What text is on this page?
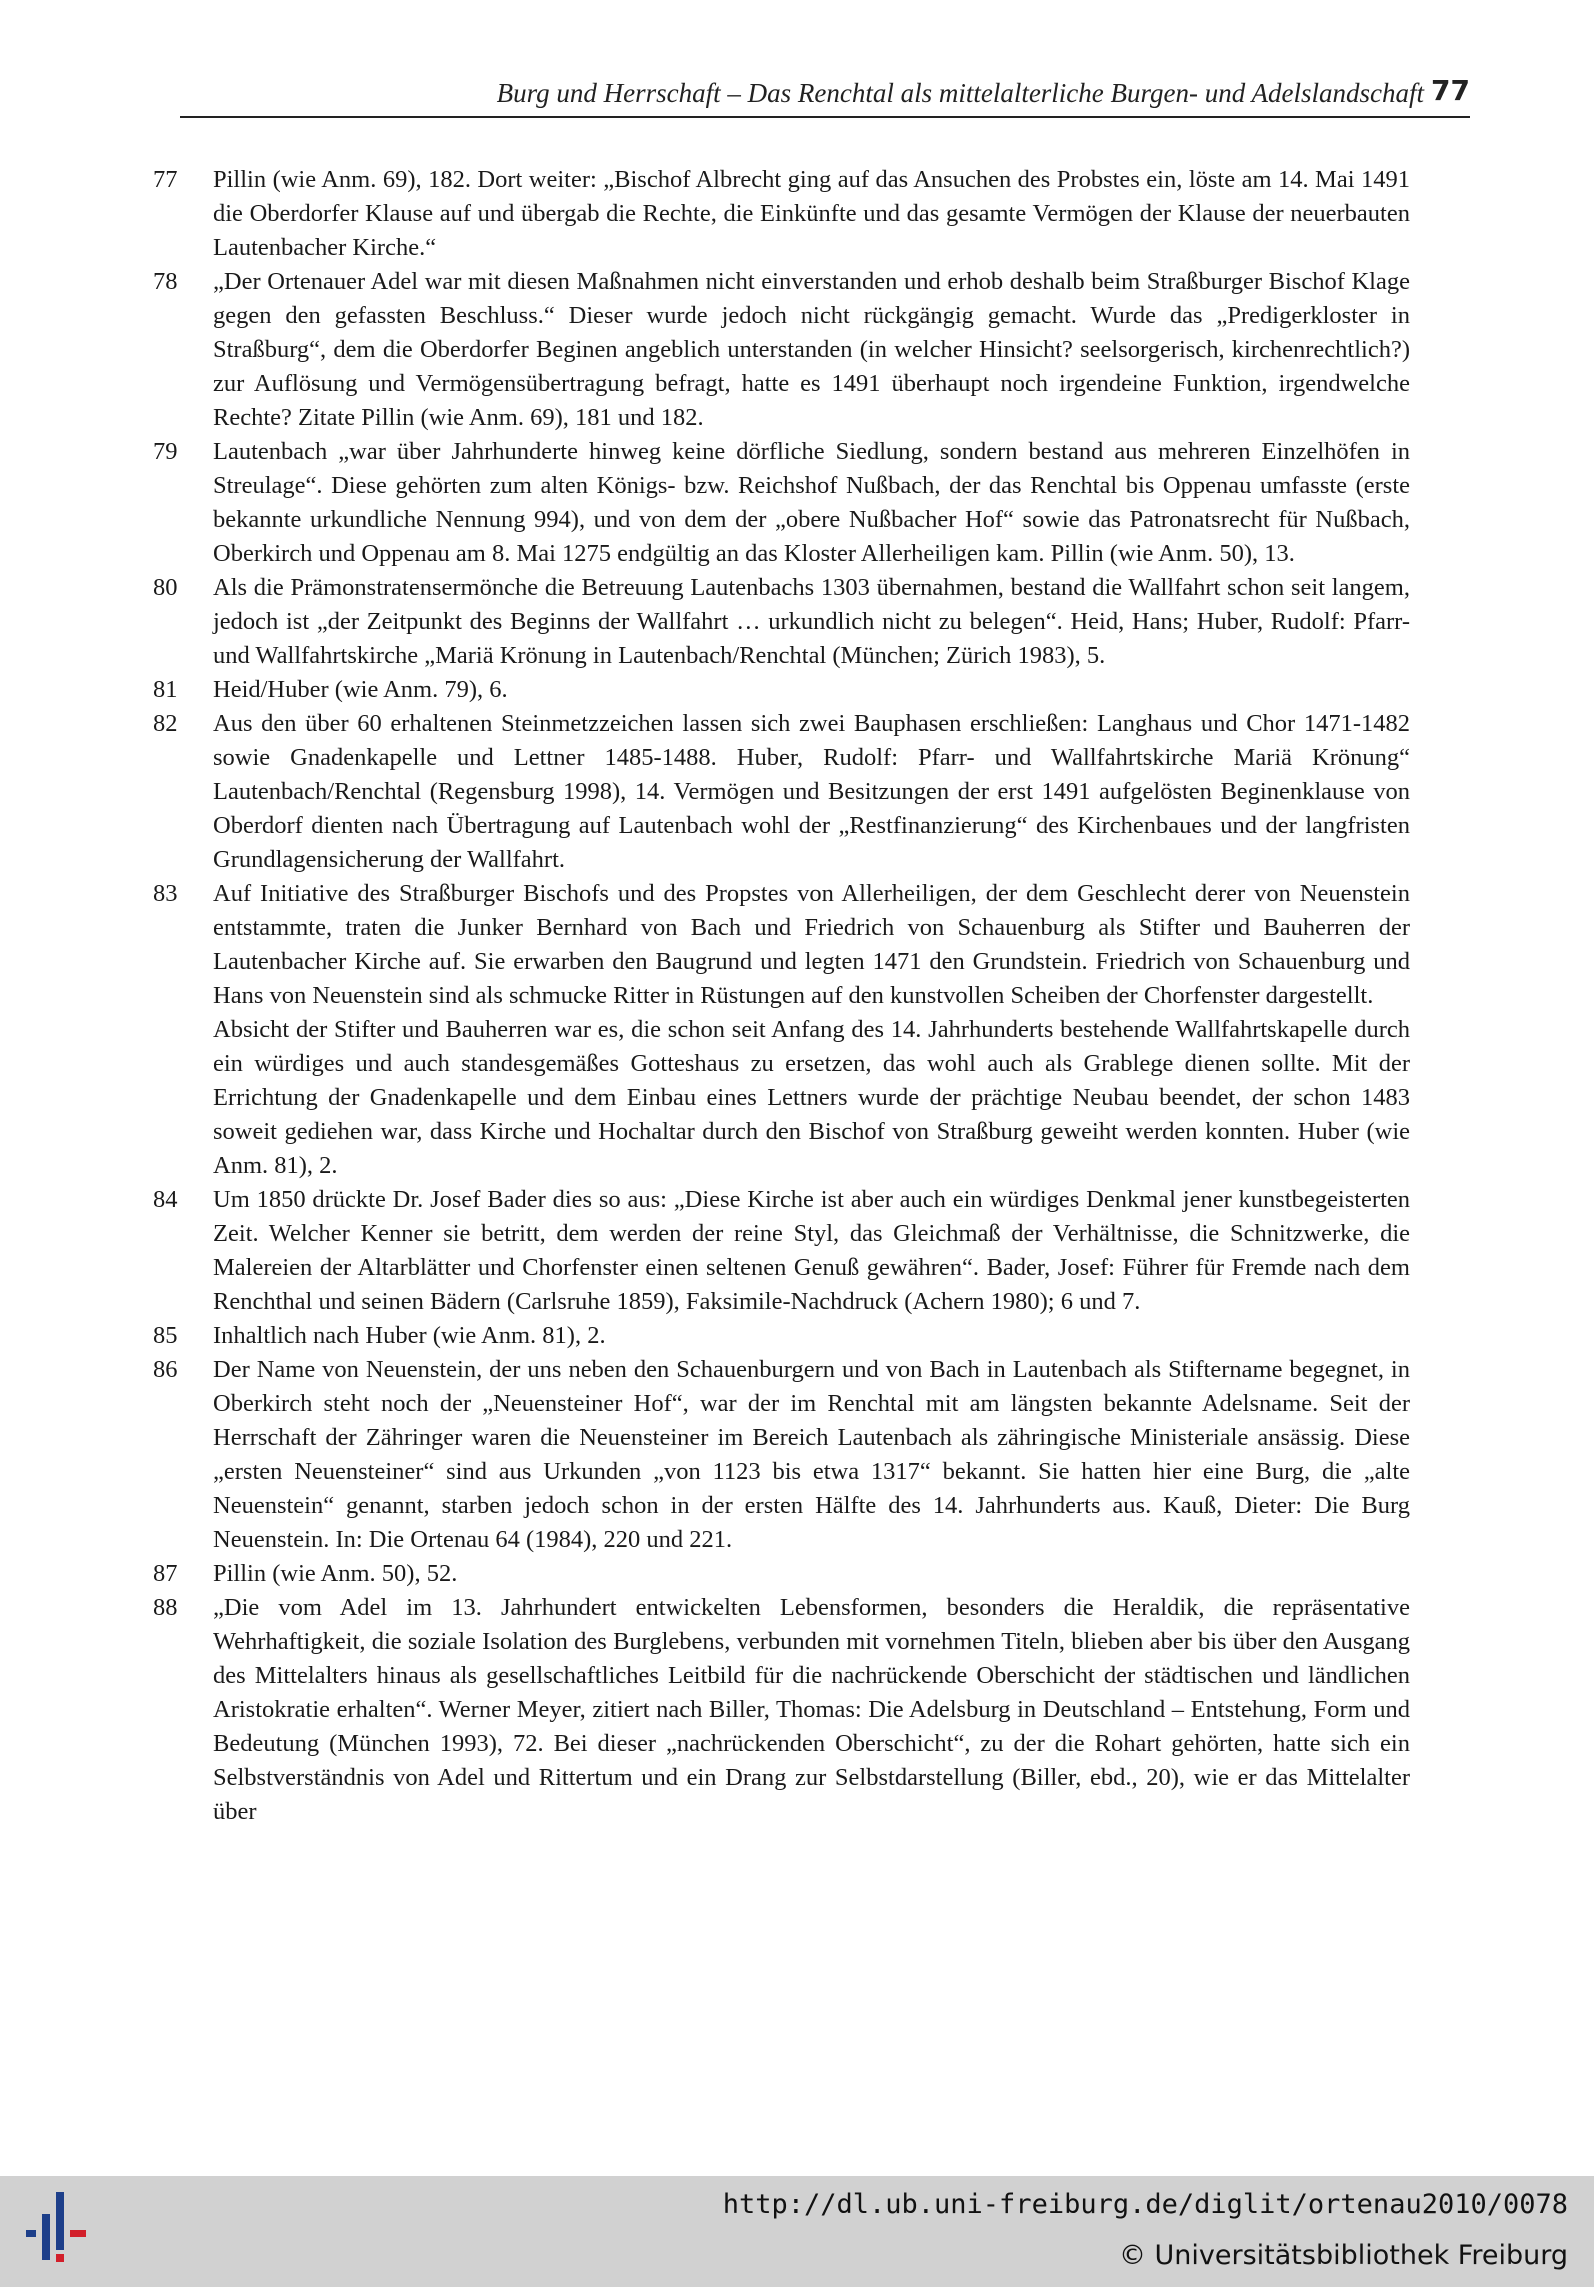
Burg und Herrschaft – Das Renchtal als mittelalterliche Burgen- und Adelslandschaft 77
77	Pillin (wie Anm. 69), 182. Dort weiter: „Bischof Albrecht ging auf das Ansuchen des Probstes ein, löste am 14. Mai 1491 die Oberdorfer Klause auf und übergab die Rechte, die Einkünfte und das gesamte Vermögen der Klause der neuerbauten Lautenbacher Kirche.“

78	„Der Ortenauer Adel war mit diesen Maßnahmen nicht einverstanden und erhob deshalb beim Straßburger Bischof Klage gegen den gefassten Beschluss.“ Dieser wurde jedoch nicht rückgängig gemacht. Wurde das „Predigerkloster in Straßburg“, dem die Oberdorfer Beginen angeblich unterstanden (in welcher Hinsicht? seelsorgerisch, kirchenrechtlich?) zur Auflösung und Vermögensübertragung befragt, hatte es 1491 überhaupt noch irgendeine Funktion, irgendwelche Rechte? Zitate Pillin (wie Anm. 69), 181 und 182.

79	Lautenbach „war über Jahrhunderte hinweg keine dörfliche Siedlung, sondern bestand aus mehreren Einzelhöfen in Streulage“. Diese gehörten zum alten Königs- bzw. Reichshof Nußbach, der das Renchtal bis Oppenau umfasste (erste bekannte urkundliche Nennung 994), und von dem der „obere Nußbacher Hof“ sowie das Patronatsrecht für Nußbach, Oberkirch und Oppenau am 8. Mai 1275 endgültig an das Kloster Allerheiligen kam. Pillin (wie Anm. 50), 13.

80	Als die Prämonstratensermönche die Betreuung Lautenbachs 1303 übernahmen, bestand die Wallfahrt schon seit langem, jedoch ist „der Zeitpunkt des Beginns der Wallfahrt … urkundlich nicht zu belegen“. Heid, Hans; Huber, Rudolf: Pfarr- und Wallfahrtskirche „Mariä Krönung in Lautenbach/Renchtal (München; Zürich 1983), 5.

81	Heid/Huber (wie Anm. 79), 6.

82	Aus den über 60 erhaltenen Steinmetzzeichen lassen sich zwei Bauphasen erschließen: Langhaus und Chor 1471-1482 sowie Gnadenkapelle und Lettner 1485-1488. Huber, Rudolf: Pfarr- und Wallfahrtskirche Mariä Krönung“ Lautenbach/Renchtal (Regensburg 1998), 14. Vermögen und Besitzungen der erst 1491 aufgelösten Beginenklause von Oberdorf dienten nach Übertragung auf Lautenbach wohl der „Restfinanzierung“ des Kirchenbaues und der langfristen Grundlagensicherung der Wallfahrt.

83	Auf Initiative des Straßburger Bischofs und des Propstes von Allerheiligen, der dem Geschlecht derer von Neuenstein entstammte, traten die Junker Bernhard von Bach und Friedrich von Schauenburg als Stifter und Bauherren der Lautenbacher Kirche auf. Sie erwarben den Baugrund und legten 1471 den Grundstein. Friedrich von Schauenburg und Hans von Neuenstein sind als schmucke Ritter in Rüstungen auf den kunstvollen Scheiben der Chorfenster dargestellt.

Absicht der Stifter und Bauherren war es, die schon seit Anfang des 14. Jahrhunderts bestehende Wallfahrtskapelle durch ein würdiges und auch standesgemäßes Gotteshaus zu ersetzen, das wohl auch als Grablege dienen sollte. Mit der Errichtung der Gnadenkapelle und dem Einbau eines Lettners wurde der prächtige Neubau beendet, der schon 1483 soweit gediehen war, dass Kirche und Hochaltar durch den Bischof von Straßburg geweiht werden konnten. Huber (wie Anm. 81), 2.

84	Um 1850 drückte Dr. Josef Bader dies so aus: „Diese Kirche ist aber auch ein würdiges Denkmal jener kunstbegeisterten Zeit. Welcher Kenner sie betritt, dem werden der reine Styl, das Gleichmaß der Verhältnisse, die Schnitzwerke, die Malereien der Altarblätter und Chorfenster einen seltenen Genuß gewähren“. Bader, Josef: Führer für Fremde nach dem Renchthal und seinen Bädern (Carlsruhe 1859), Faksimile-Nachdruck (Achern 1980); 6 und 7.

85	Inhaltlich nach Huber (wie Anm. 81), 2.

86	Der Name von Neuenstein, der uns neben den Schauenburgern und von Bach in Lautenbach als Stiftername begegnet, in Oberkirch steht noch der „Neuensteiner Hof“, war der im Renchtal mit am längsten bekannte Adelsname. Seit der Herrschaft der Zähringer waren die Neuensteiner im Bereich Lautenbach als zähringische Ministeriale ansässig. Diese „ersten Neuensteiner“ sind aus Urkunden „von 1123 bis etwa 1317“ bekannt. Sie hatten hier eine Burg, die „alte Neuenstein“ genannt, starben jedoch schon in der ersten Hälfte des 14. Jahrhunderts aus. Kauß, Dieter: Die Burg Neuenstein. In: Die Ortenau 64 (1984), 220 und 221.

87	Pillin (wie Anm. 50), 52.

88	„Die vom Adel im 13. Jahrhundert entwickelten Lebensformen, besonders die Heraldik, die repräsentative Wehrhaftigkeit, die soziale Isolation des Burglebens, verbunden mit vornehmen Titeln, blieben aber bis über den Ausgang des Mittelalters hinaus als gesellschaftliches Leitbild für die nachrückende Oberschicht der städtischen und ländlichen Aristokratie erhalten“. Werner Meyer, zitiert nach Biller, Thomas: Die Adelsburg in Deutschland – Entstehung, Form und Bedeutung (München 1993), 72. Bei dieser „nachrückenden Oberschicht“, zu der die Rohart gehörten, hatte sich ein Selbstverständnis von Adel und Rittertum und ein Drang zur Selbstdarstellung (Biller, ebd., 20), wie er das Mittelalter über

http://dl.ub.uni-freiburg.de/diglit/ortenau2010/0078
© Universitätsbibliothek Freiburg
